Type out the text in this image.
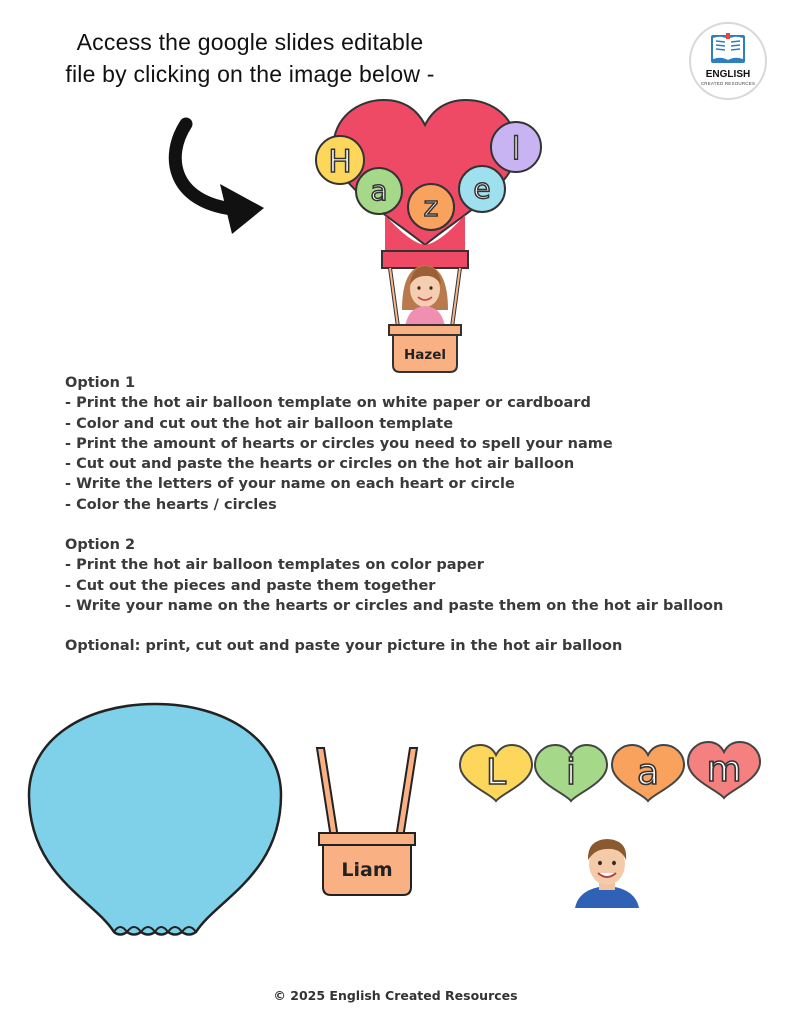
Access the google slides editable
file by clicking on the image below -	ENGLISH
CREATED RESOURCES
Hazel
H
a z
e
l
Option 1
- Print the hot air balloon template on white paper or cardboard
- Color and cut out the hot air balloon template
- Print the amount of hearts or circles you need to spell your name
- Cut out and paste the hearts or circles on the hot air balloon
- Write the letters of your name on each heart or circle
- Color the hearts / circles
Option 2
- Print the hot air balloon templates on color paper
- Cut out the pieces and paste them together
- Write your name on the hearts or circles and paste them on the hot air balloon
Optional: print, cut out and paste your picture in the hot air balloon
Liam
L i a m
© 2025 English Created Resources
